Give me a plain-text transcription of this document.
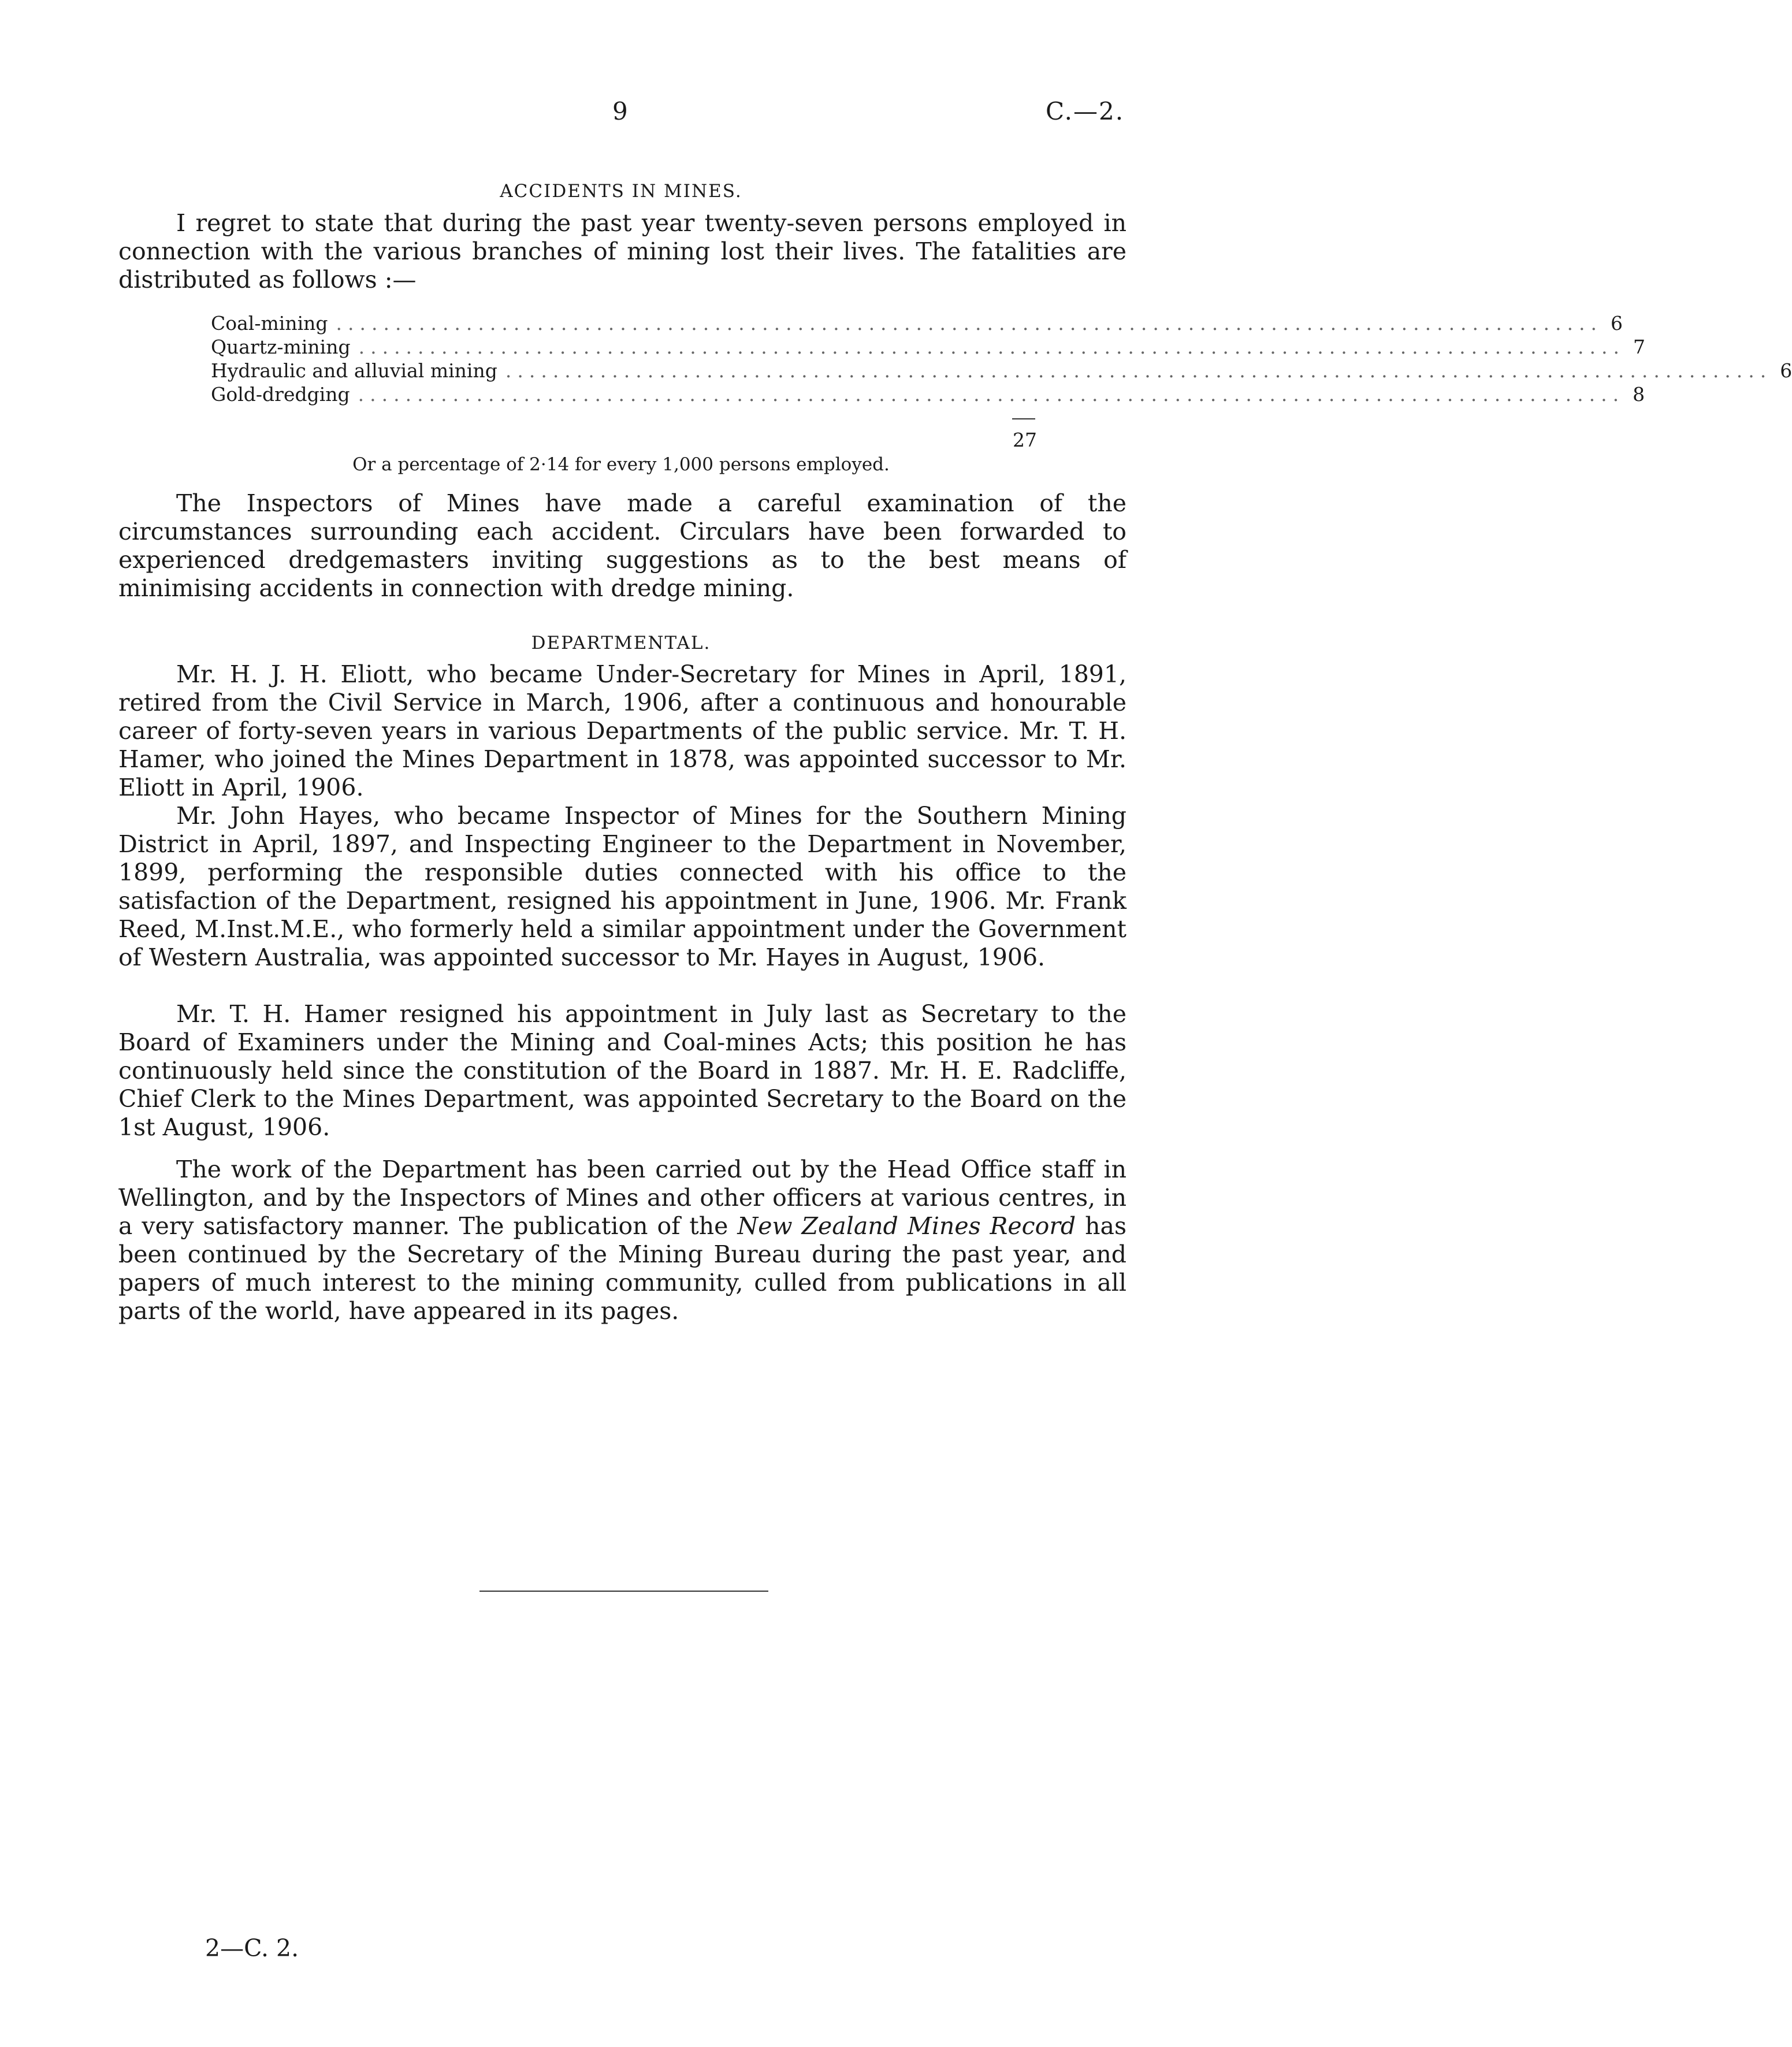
9	C.—2.
ACCIDENTS IN MINES.

I regret to state that during the past year twenty-seven persons employed in connection with the various branches of mining lost their lives. The fatalities are distributed as follows :—

Coal-mining ........................................................................................................... 6
Quartz-mining ........................................................................................................... 7
Hydraulic and alluvial mining ........................................................................................................... 6
Gold-dredging ........................................................................................................... 8
27
Or a percentage of 2·14 for every 1,000 persons employed.

The Inspectors of Mines have made a careful examination of the circumstances surrounding each accident. Circulars have been forwarded to experienced dredgemasters inviting suggestions as to the best means of minimising accidents in connection with dredge mining.

DEPARTMENTAL.

Mr. H. J. H. Eliott, who became Under-Secretary for Mines in April, 1891, retired from the Civil Service in March, 1906, after a continuous and honourable career of forty-seven years in various Departments of the public service. Mr. T. H. Hamer, who joined the Mines Department in 1878, was appointed successor to Mr. Eliott in April, 1906.

Mr. John Hayes, who became Inspector of Mines for the Southern Mining District in April, 1897, and Inspecting Engineer to the Department in November, 1899, performing the responsible duties connected with his office to the satisfaction of the Department, resigned his appointment in June, 1906. Mr. Frank Reed, M.Inst.M.E., who formerly held a similar appointment under the Government of Western Australia, was appointed successor to Mr. Hayes in August, 1906.

Mr. T. H. Hamer resigned his appointment in July last as Secretary to the Board of Examiners under the Mining and Coal-mines Acts; this position he has continuously held since the constitution of the Board in 1887. Mr. H. E. Radcliffe, Chief Clerk to the Mines Department, was appointed Secretary to the Board on the 1st August, 1906.

The work of the Department has been carried out by the Head Office staff in Wellington, and by the Inspectors of Mines and other officers at various centres, in a very satisfactory manner. The publication of the New Zealand Mines Record has been continued by the Secretary of the Mining Bureau during the past year, and papers of much interest to the mining community, culled from publications in all parts of the world, have appeared in its pages.

2—C. 2.
